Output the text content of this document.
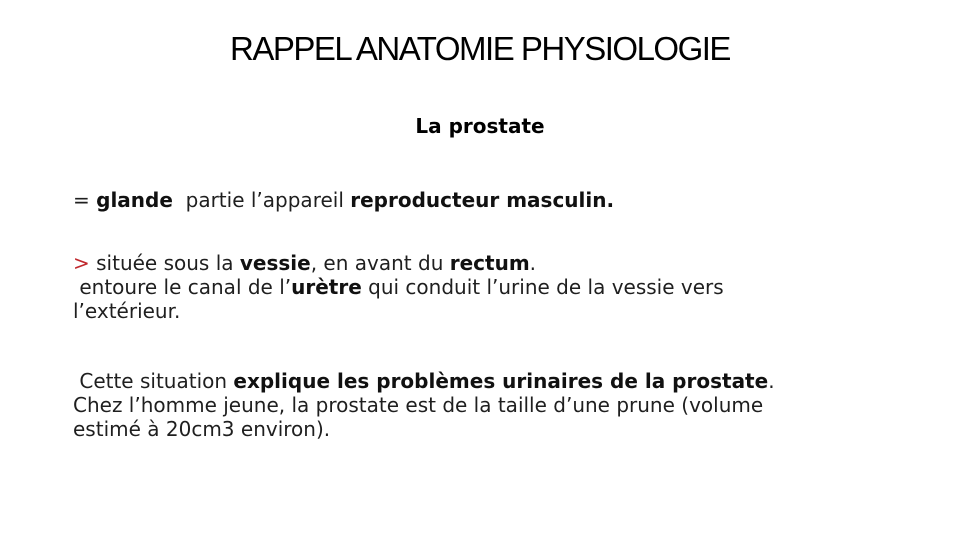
RAPPEL ANATOMIE PHYSIOLOGIE
La prostate
= glande  partie l’appareil reproducteur masculin.
> située sous la vessie, en avant du rectum.
entoure le canal de l’urètre qui conduit l’urine de la vessie vers
l’extérieur.
Cette situation explique les problèmes urinaires de la prostate.
Chez l’homme jeune, la prostate est de la taille d’une prune (volume
estimé à 20cm3 environ).
